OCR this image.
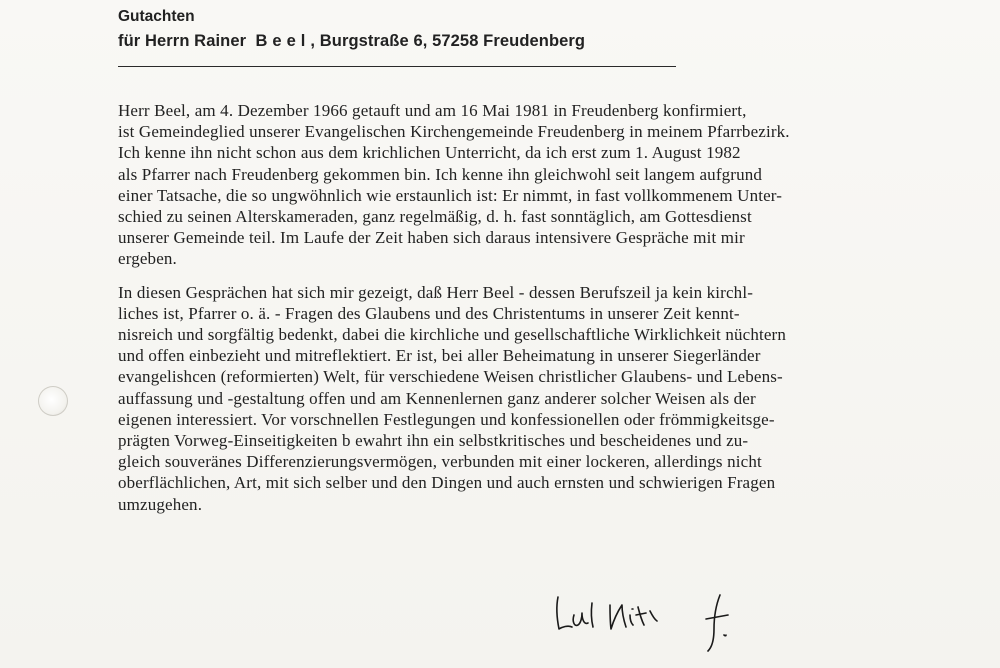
Gutachten
für Herrn Rainer Beel, Burgstraße 6, 57258 Freudenberg
Herr Beel, am 4. Dezember 1966 getauft und am 16 Mai 1981 in Freudenberg konfirmiert,
ist Gemeindeglied unserer Evangelischen Kirchengemeinde Freudenberg in meinem Pfarrbezirk.
Ich kenne ihn nicht schon aus dem krichlichen Unterricht, da ich erst zum 1. August 1982
als Pfarrer nach Freudenberg gekommen bin. Ich kenne ihn gleichwohl seit langem aufgrund
einer Tatsache, die so ungwöhnlich wie erstaunlich ist: Er nimmt, in fast vollkommenem Unter-
schied zu seinen Alterskameraden, ganz regelmäßig, d. h. fast sonntäglich, am Gottesdienst
unserer Gemeinde teil. Im Laufe der Zeit haben sich daraus intensivere Gespräche mit mir
ergeben.
In diesen Gesprächen hat sich mir gezeigt, daß Herr Beel - dessen Berufszeil ja kein kirchl-
liches ist, Pfarrer o. ä. - Fragen des Glaubens und des Christentums in unserer Zeit kennt-
nisreich und sorgfältig bedenkt, dabei die kirchliche und gesellschaftliche Wirklichkeit nüchtern
und offen einbezieht und mitreflektiert. Er ist, bei aller Beheimatung in unserer Siegerländer
evangelishcen (reformierten) Welt, für verschiedene Weisen christlicher Glaubens- und Lebens-
auffassung und -gestaltung offen und am Kennenlernen ganz anderer solcher Weisen als der
eigenen interessiert. Vor vorschnellen Festlegungen und konfessionellen oder frömmigkeitsge-
prägten Vorweg-Einseitigkeiten b ewahrt ihn ein selbstkritisches und bescheidenes und zu-
gleich souveränes Differenzierungsvermögen, verbunden mit einer lockeren, allerdings nicht
oberflächlichen, Art, mit sich selber und den Dingen und auch ernsten und schwierigen Fragen
umzugehen.
